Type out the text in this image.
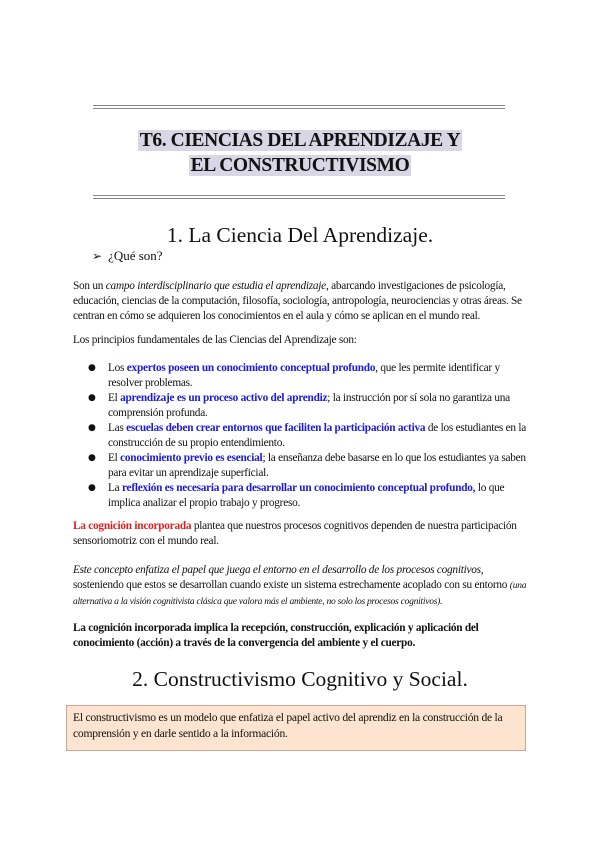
T6. CIENCIAS DEL APRENDIZAJE Y
EL CONSTRUCTIVISMO
1. La Ciencia Del Aprendizaje.
➢ ¿Qué son?
Son un campo interdisciplinario que estudia el aprendizaje, abarcando investigaciones de psicología, educación, ciencias de la computación, filosofía, sociología, antropología, neurociencias y otras áreas. Se centran en cómo se adquieren los conocimientos en el aula y cómo se aplican en el mundo real.
Los principios fundamentales de las Ciencias del Aprendizaje son:
● Los expertos poseen un conocimiento conceptual profundo, que les permite identificar y resolver problemas.
● El aprendizaje es un proceso activo del aprendiz; la instrucción por sí sola no garantiza una comprensión profunda.
● Las escuelas deben crear entornos que faciliten la participación activa de los estudiantes en la construcción de su propio entendimiento.
● El conocimiento previo es esencial; la enseñanza debe basarse en lo que los estudiantes ya saben para evitar un aprendizaje superficial.
● La reflexión es necesaria para desarrollar un conocimiento conceptual profundo, lo que implica analizar el propio trabajo y progreso.
La cognición incorporada plantea que nuestros procesos cognitivos dependen de nuestra participación sensoriomotriz con el mundo real.
Este concepto enfatiza el papel que juega el entorno en el desarrollo de los procesos cognitivos, sosteniendo que estos se desarrollan cuando existe un sistema estrechamente acoplado con su entorno (una alternativa a la visión cognitivista clásica que valora más el ambiente, no solo los procesos cognitivos).
La cognición incorporada implica la recepción, construcción, explicación y aplicación del conocimiento (acción) a través de la convergencia del ambiente y el cuerpo.
2. Constructivismo Cognitivo y Social.
El constructivismo es un modelo que enfatiza el papel activo del aprendiz en la construcción de la comprensión y en darle sentido a la información.
